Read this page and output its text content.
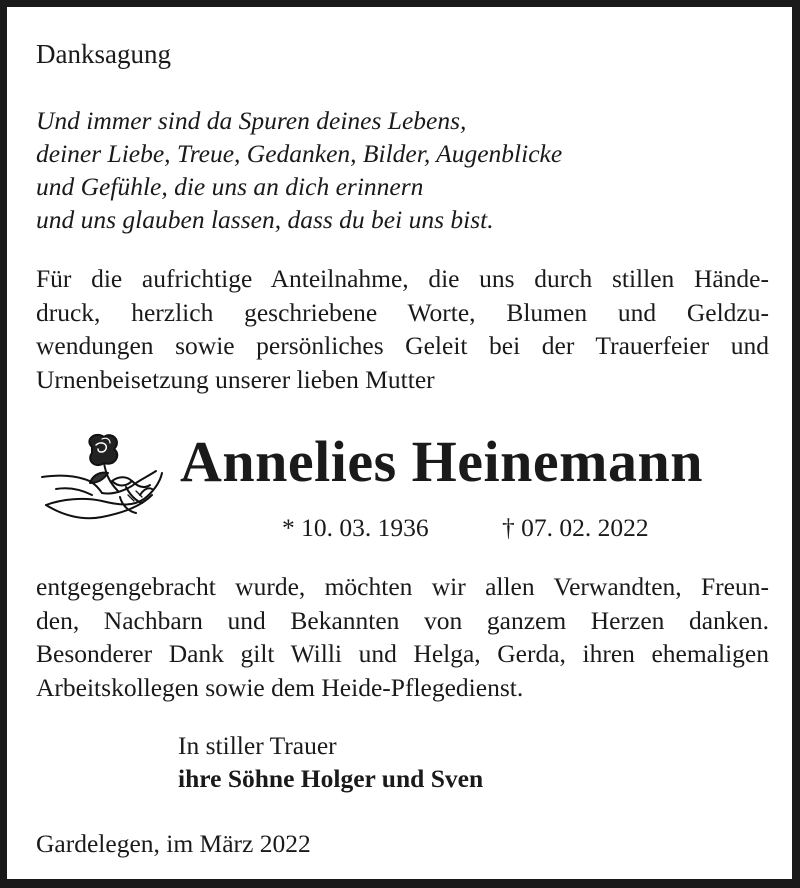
Danksagung
Und immer sind da Spuren deines Lebens,
deiner Liebe, Treue, Gedanken, Bilder, Augenblicke
und Gefühle, die uns an dich erinnern
und uns glauben lassen, dass du bei uns bist.
Für die aufrichtige Anteilnahme, die uns durch stillen Hände-
druck, herzlich geschriebene Worte, Blumen und Geldzu-
wendungen sowie persönliches Geleit bei der Trauerfeier und
Urnenbeisetzung unserer lieben Mutter
Annelies Heinemann
* 10. 03. 1936	† 07. 02. 2022
entgegengebracht wurde, möchten wir allen Verwandten, Freun-
den, Nachbarn und Bekannten von ganzem Herzen danken.
Besonderer Dank gilt Willi und Helga, Gerda, ihren ehemaligen
Arbeitskollegen sowie dem Heide-Pflegedienst.
In stiller Trauer
ihre Söhne Holger und Sven
Gardelegen, im März 2022
